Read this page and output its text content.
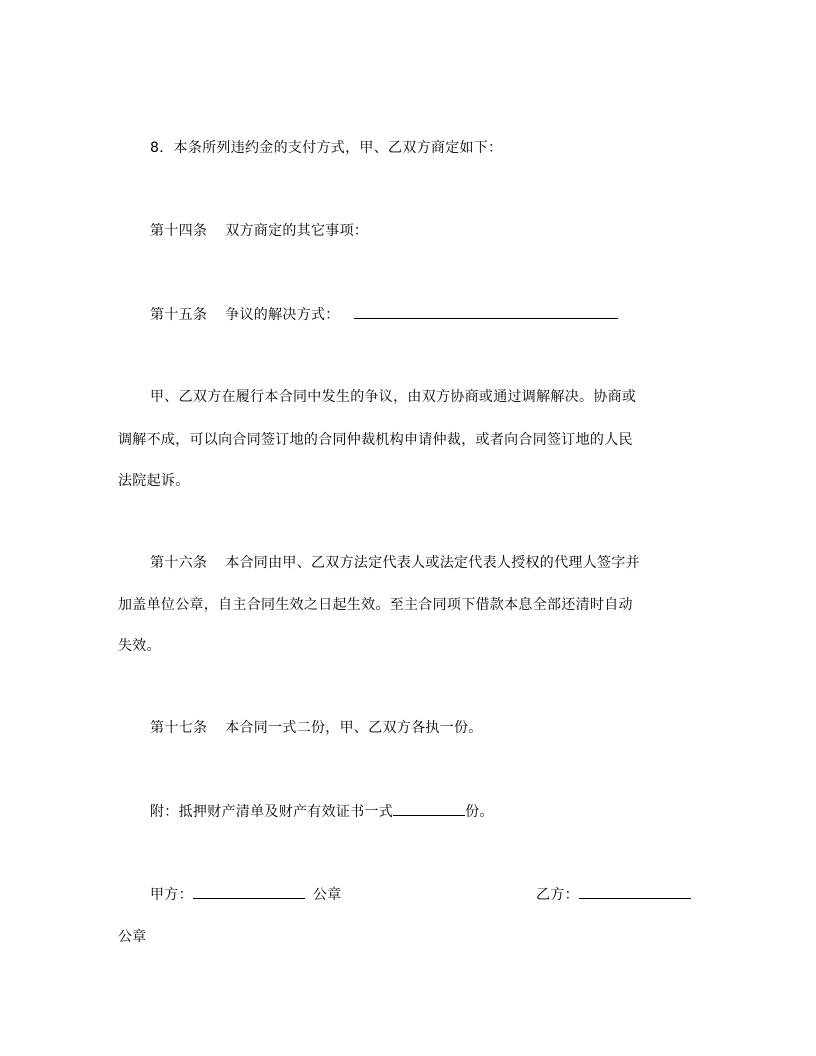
8．本条所列违约金的支付方式，甲、乙双方商定如下：
第十四条 双方商定的其它事项：
第十五条 争议的解决方式：
甲、乙双方在履行本合同中发生的争议，由双方协商或通过调解解决。协商或
调解不成，可以向合同签订地的合同仲裁机构申请仲裁，或者向合同签订地的人民
法院起诉。
第十六条 本合同由甲、乙双方法定代表人或法定代表人授权的代理人签字并
加盖单位公章，自主合同生效之日起生效。至主合同项下借款本息全部还清时自动
失效。
第十七条 本合同一式二份，甲、乙双方各执一份。
附：抵押财产清单及财产有效证书一式	份。
甲方：	公章	乙方：
公章
